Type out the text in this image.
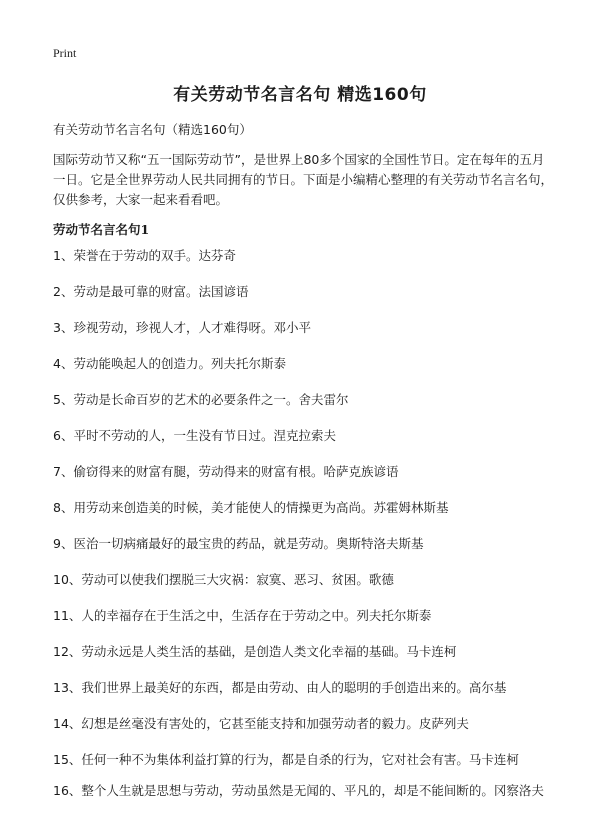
Print
有关劳动节名言名句 精选160句

有关劳动节名言名句（精选160句）

国际劳动节又称“五一国际劳动节”，是世界上80多个国家的全国性节日。定在每年的五月一日。它是全世界劳动人民共同拥有的节日。下面是小编精心整理的有关劳动节名言名句，仅供参考，大家一起来看看吧。

劳动节名言名句1

1、荣誉在于劳动的双手。达芬奇
2、劳动是最可靠的财富。法国谚语
3、珍视劳动，珍视人才，人才难得呀。邓小平
4、劳动能唤起人的创造力。列夫托尔斯泰
5、劳动是长命百岁的艺术的必要条件之一。舍夫雷尔
6、平时不劳动的人，一生没有节日过。涅克拉索夫
7、偷窃得来的财富有腿，劳动得来的财富有根。哈萨克族谚语
8、用劳动来创造美的时候，美才能使人的情操更为高尚。苏霍姆林斯基
9、医治一切病痛最好的最宝贵的药品，就是劳动。奥斯特洛夫斯基
10、劳动可以使我们摆脱三大灾祸：寂寞、恶习、贫困。歌德
11、人的幸福存在于生活之中，生活存在于劳动之中。列夫托尔斯泰
12、劳动永远是人类生活的基础，是创造人类文化幸福的基础。马卡连柯
13、我们世界上最美好的东西，都是由劳动、由人的聪明的手创造出来的。高尔基
14、幻想是丝毫没有害处的，它甚至能支持和加强劳动者的毅力。皮萨列夫
15、任何一种不为集体利益打算的行为，都是自杀的行为，它对社会有害。马卡连柯
16、整个人生就是思想与劳动，劳动虽然是无闻的、平凡的，却是不能间断的。冈察洛夫
